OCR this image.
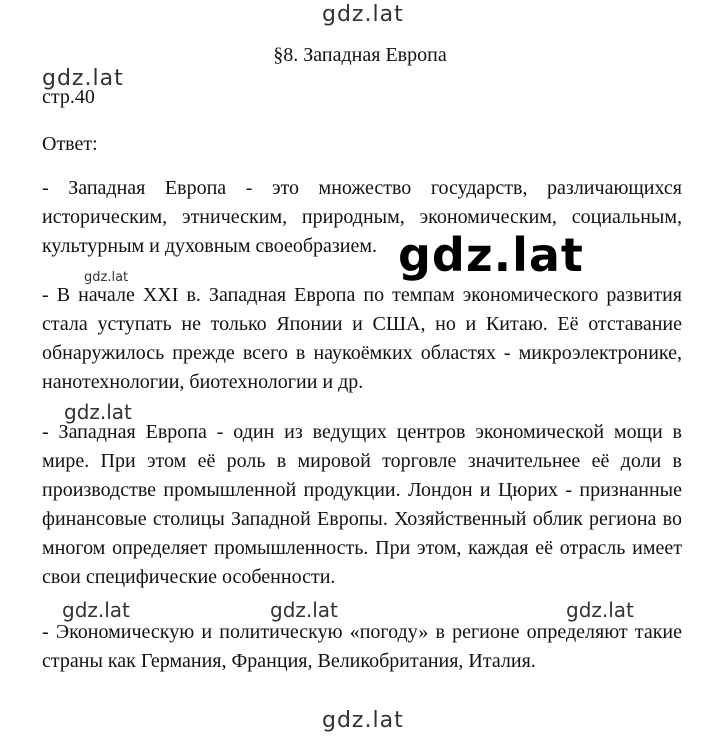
§8. Западная Европа
стр.40
Ответ:

- Западная Европа - это множество государств, различающихся историческим, этническим, природным, экономическим, социальным, культурным и духовным своеобразием.

- В начале XXI в. Западная Европа по темпам экономического развития стала уступать не только Японии и США, но и Китаю. Её отставание обнаружилось прежде всего в наукоёмких областях - микроэлектронике, нанотехнологии, биотехнологии и др.

- Западная Европа - один из ведущих центров экономической мощи в мире. При этом её роль в мировой торговле значительнее её доли в производстве промышленной продукции. Лондон и Цюрих - признанные финансовые столицы Западной Европы. Хозяйственный облик региона во многом определяет промышленность. При этом, каждая её отрасль имеет свои специфические особенности.

- Экономическую и политическую «погоду» в регионе определяют такие страны как Германия, Франция, Великобритания, Италия.

gdz.lat
gdz.lat
gdz.lat
gdz.lat
gdz.lat
gdz.lat	gdz.lat	gdz.lat
gdz.lat
